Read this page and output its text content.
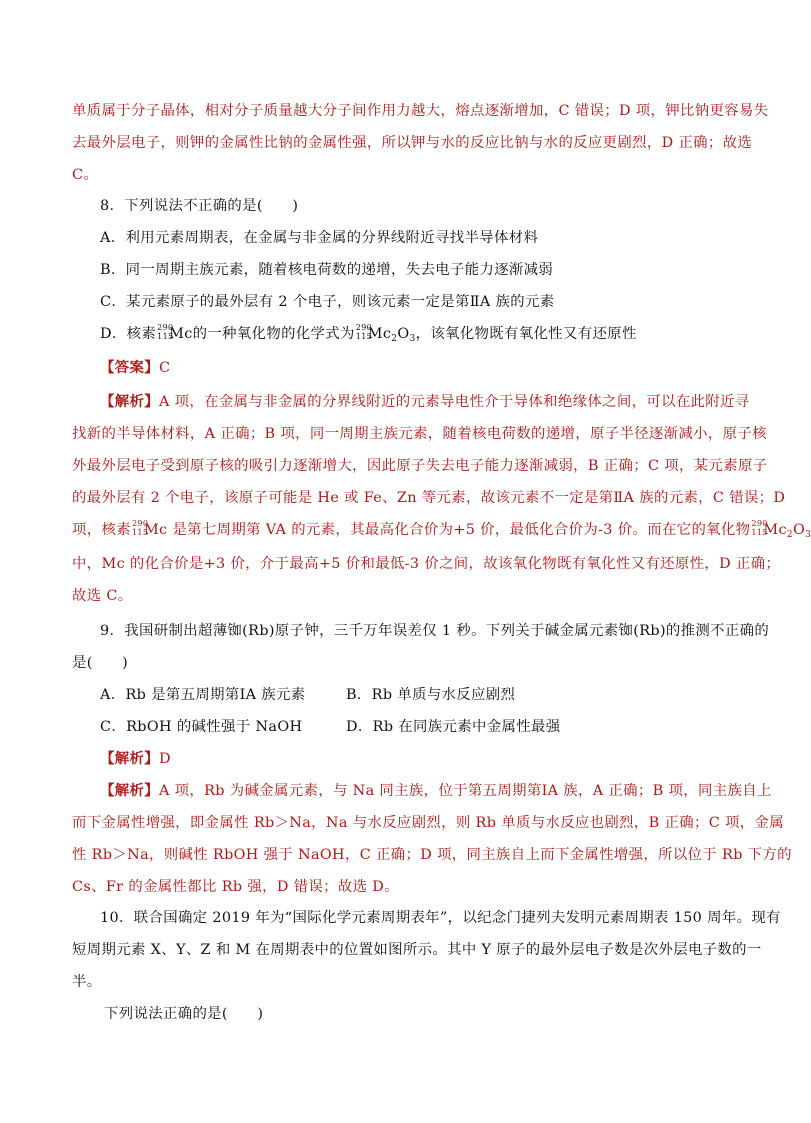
单质属于分子晶体，相对分子质量越大分子间作用力越大，熔点逐渐增加，C 错误；D 项，钾比钠更容易失
去最外层电子，则钾的金属性比钠的金属性强，所以钾与水的反应比钠与水的反应更剧烈，D 正确；故选
C。
8．下列说法不正确的是(　　)
A．利用元素周期表，在金属与非金属的分界线附近寻找半导体材料
B．同一周期主族元素，随着核电荷数的递增，失去电子能力逐渐减弱
C．某元素原子的最外层有 2 个电子，则该元素一定是第ⅡA 族的元素
D．核素 290
115
Mc的一种氧化物的化学式为 290
115
$Mc_2O_3$，该氧化物既有氧化性又有还原性
【答案】C
【解析】A 项，在金属与非金属的分界线附近的元素导电性介于导体和绝缘体之间，可以在此附近寻
找新的半导体材料，A 正确；B 项，同一周期主族元素，随着核电荷数的递增，原子半径逐渐减小，原子核
外最外层电子受到原子核的吸引力逐渐增大，因此原子失去电子能力逐渐减弱，B 正确；C 项，某元素原子
的最外层有 2 个电子，该原子可能是 He 或 Fe、Zn 等元素，故该元素不一定是第ⅡA 族的元素，C 错误；D
项，核素 290
115
Mc 是第七周期第 VA 的元素，其最高化合价为+5 价，最低化合价为-3 价。而在它的氧化物 290
115
$Mc_2O_3$
中，Mc 的化合价是+3 价，介于最高+5 价和最低-3 价之间，故该氧化物既有氧化性又有还原性，D 正确；
故选 C。
9．我国研制出超薄铷(Rb)原子钟，三千万年误差仅 1 秒。下列关于碱金属元素铷(Rb)的推测不正确的
是(　　)
A．Rb 是第五周期第ⅠA 族元素	B．Rb 单质与水反应剧烈
C．RbOH 的碱性强于 NaOH	D．Rb 在同族元素中金属性最强
【解析】D
【解析】A 项，Rb 为碱金属元素，与 Na 同主族，位于第五周期第ⅠA 族，A 正确；B 项，同主族自上
而下金属性增强，即金属性 Rb＞Na，Na 与水反应剧烈，则 Rb 单质与水反应也剧烈，B 正确；C 项，金属
性 Rb＞Na，则碱性 RbOH 强于 NaOH，C 正确；D 项，同主族自上而下金属性增强，所以位于 Rb 下方的
Cs、Fr 的金属性都比 Rb 强，D 错误；故选 D。
10．联合国确定 2019 年为“国际化学元素周期表年”，以纪念门捷列夫发明元素周期表 150 周年。现有
短周期元素 X、Y、Z 和 M 在周期表中的位置如图所示。其中 Y 原子的最外层电子数是次外层电子数的一
半。
下列说法正确的是(　　)
